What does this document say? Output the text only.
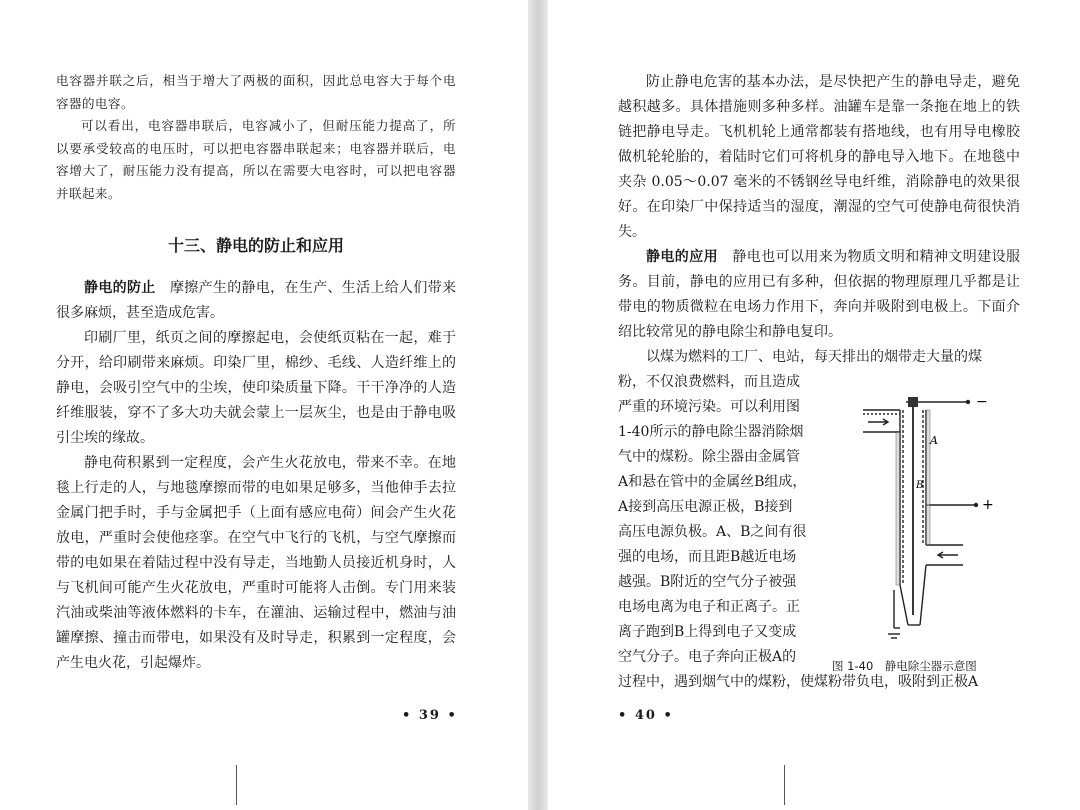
电容器并联之后，相当于增大了两极的面积，因此总电容大于每个电容器的电容。

可以看出，电容器串联后，电容减小了，但耐压能力提高了，所以要承受较高的电压时，可以把电容器串联起来；电容器并联后，电容增大了，耐压能力没有提高，所以在需要大电容时，可以把电容器并联起来。

十三、静电的防止和应用

静电的防止　 摩擦产生的静电，在生产、生活上给人们带来很多麻烦，甚至造成危害。

印刷厂里，纸页之间的摩擦起电，会使纸页粘在一起，难于分开，给印刷带来麻烦。印染厂里，棉纱、毛线、人造纤维上的静电，会吸引空气中的尘埃，使印染质量下降。干干净净的人造纤维服装，穿不了多大功夫就会蒙上一层灰尘，也是由于静电吸引尘埃的缘故。

静电荷积累到一定程度，会产生火花放电，带来不幸。在地毯上行走的人，与地毯摩擦而带的电如果足够多，当他伸手去拉金属门把手时，手与金属把手（上面有感应电荷）间会产生火花放电，严重时会使他痉挛。在空气中飞行的飞机，与空气摩擦而带的电如果在着陆过程中没有导走，当地勤人员接近机身时，人与飞机间可能产生火花放电，严重时可能将人击倒。专门用来装汽油或柴油等液体燃料的卡车，在灌油、运输过程中，燃油与油罐摩擦、撞击而带电，如果没有及时导走，积累到一定程度，会产生电火花，引起爆炸。

• 39 •

防止静电危害的基本办法，是尽快把产生的静电导走，避免越积越多。具体措施则多种多样。油罐车是靠一条拖在地上的铁链把静电导走。飞机机轮上通常都装有搭地线，也有用导电橡胶做机轮轮胎的，着陆时它们可将机身的静电导入地下。在地毯中夹杂 0.05～0.07 毫米的不锈钢丝导电纤维，消除静电的效果很好。在印染厂中保持适当的湿度，潮湿的空气可使静电荷很快消失。

静电的应用　 静电也可以用来为物质文明和精神文明建设服务。目前，静电的应用已有多种，但依据的物理原理几乎都是让带电的物质微粒在电场力作用下，奔向并吸附到电极上。下面介绍比较常见的静电除尘和静电复印。

以煤为燃料的工厂、电站，每天排出的烟带走大量的煤

粉，不仅浪费燃料，而且造成
严重的环境污染。可以利用图
1-40所示的静电除尘器消除烟
气中的煤粉。除尘器由金属管
A和悬在管中的金属丝B组成，
A接到高压电源正极，B接到
高压电源负极。A、B之间有很
强的电场，而且距B越近电场
越强。B附近的空气分子被强
电场电离为电子和正离子。正
离子跑到B上得到电子又变成
空气分子。电子奔向正极A的
过程中，遇到烟气中的煤粉，使煤粉带负电，吸附到正极A
−
+
A
B
图 1-40　静电除尘器示意图
• 40 •
